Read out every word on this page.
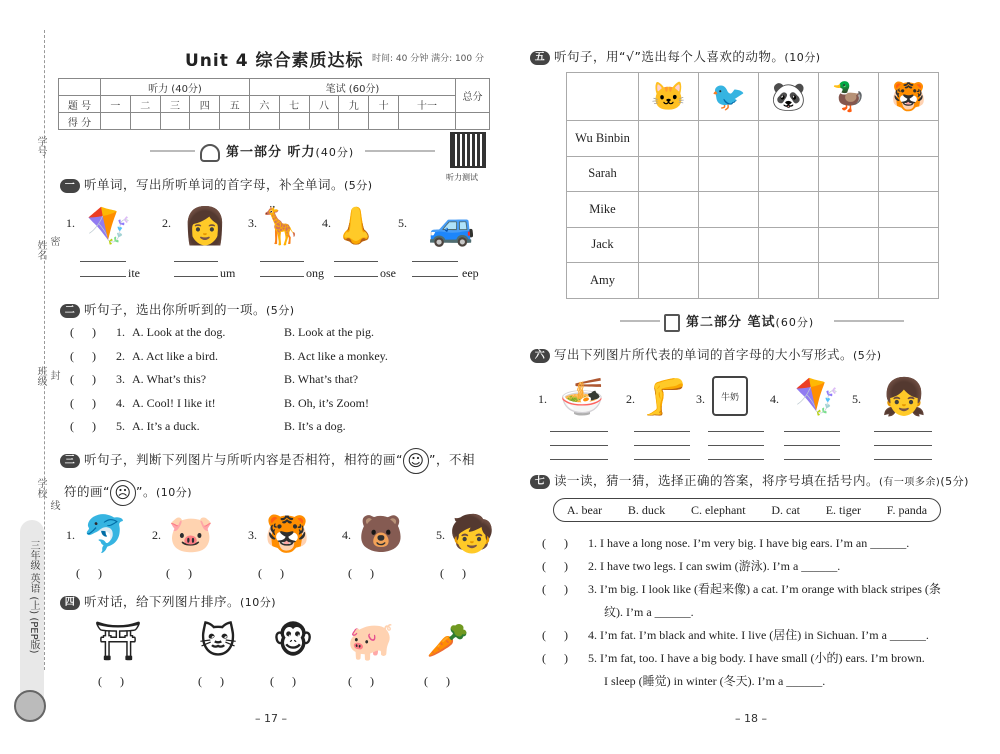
学号
姓名 密
班级 封
学校
线
三年级 英语 (上) (PEP版)
Unit 4 综合素质达标 时间: 40 分钟 满分: 100 分
	听力 (40分)					笔试 (60分)						总分
题 号	一	二	三	四	五	六	七	八	九	十	十一	
得 分												
第一部分 听力(40分)
听力测试
一 听单词，写出所听单词的首字母，补全单词。(5分)
1. 🪁
ite
2. 👩
um
3. 🦒
ong
4. 👃
ose
5. 🚙
eep
二 听句子，选出你所听到的一项。(5分)
(      ) 1. A. Look at the dog.	B. Look at the pig.
(      ) 2. A. Act like a bird.	B. Act like a monkey.
(      ) 3. A. What’s this?	B. What’s that?
(      ) 4. A. Cool! I like it!	B. Oh, it’s Zoom!
(      ) 5. A. It’s a duck.	B. It’s a dog.
三 听句子，判断下列图片与所听内容是否相符，相符的画“ ☺ ”，不相
符的画“ ☹ ”。(10分)
1. 🐬
(      )
2. 🐷
(      )
3. 🐯
(      )
4. 🐻
(      )
5. 🧒
(      )
四 听对话，给下列图片排序。(10分)
⛩
(      )
🐱
(      )
🐵
(      )
🐖
(      )
🥕
(      )
– 17 –
五 听句子，用“√”选出每个人喜欢的动物。(10分)
	🐱	🐦	🐼	🦆	🐯
Wu Binbin					
Sarah					
Mike					
Jack					
Amy					
第二部分 笔试(60分)
六 写出下列图片所代表的单词的首字母的大小写形式。(5分)
1. 🍜	2. 🦵 3.	牛奶	4. 🪁	5. 👧
七 读一读，猜一猜，选择正确的答案，将序号填在括号内。(有一项多余)(5分)
A. bear B. duck C. elephant D. cat E. tiger F. panda
(      ) 1. I have a long nose. I’m very big. I have big ears. I’m an ______.
(      ) 2. I have two legs. I can swim (游泳). I’m a ______.
(      ) 3. I’m big. I look like (看起来像) a cat. I’m orange with black stripes (条
纹). I’m a ______.
(      ) 4. I’m fat. I’m black and white. I live (居住) in Sichuan. I’m a ______.
(      ) 5. I’m fat, too. I have a big body. I have small (小的) ears. I’m brown.
I sleep (睡觉) in winter (冬天). I’m a ______.
– 18 –
